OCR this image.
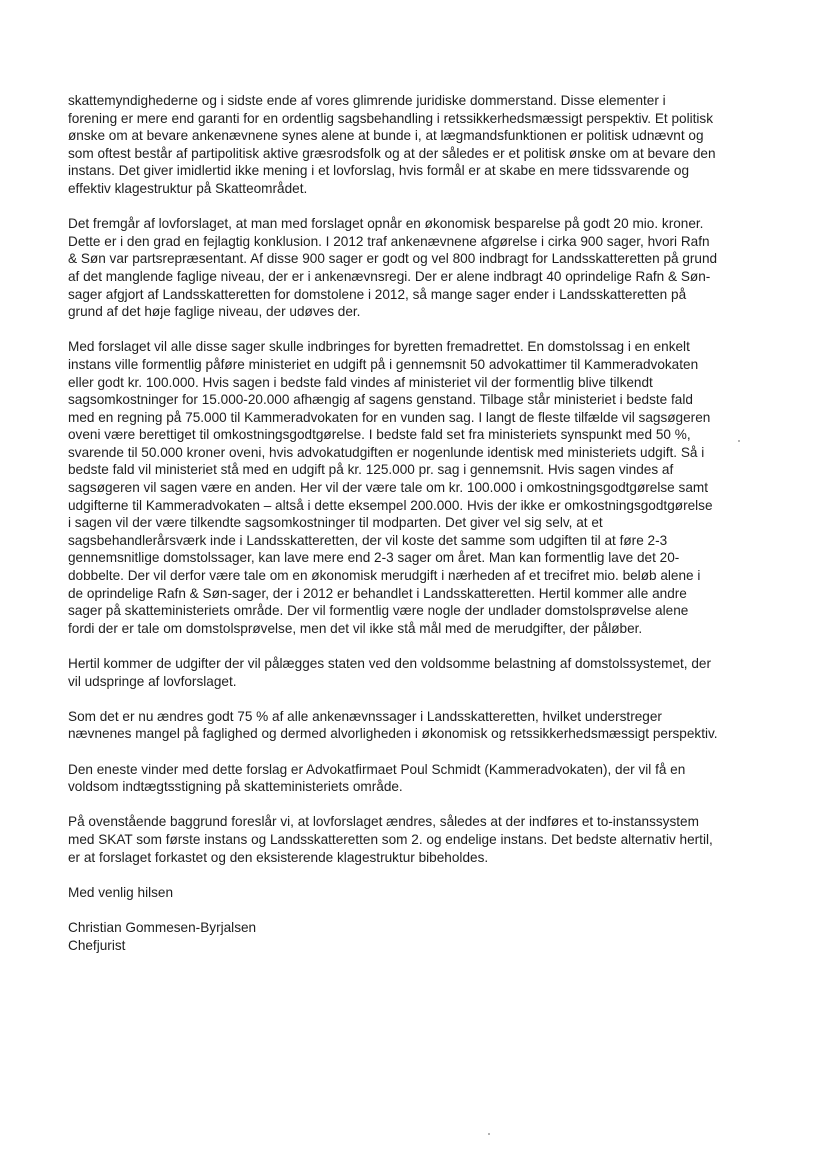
skattemyndighederne og i sidste ende af vores glimrende juridiske dommerstand. Disse elementer i
forening er mere end garanti for en ordentlig sagsbehandling i retssikkerhedsmæssigt perspektiv. Et politisk
ønske om at bevare ankenævnene synes alene at bunde i, at lægmandsfunktionen er politisk udnævnt og
som oftest består af partipolitisk aktive græsrodsfolk og at der således er et politisk ønske om at bevare den
instans. Det giver imidlertid ikke mening i et lovforslag, hvis formål er at skabe en mere tidssvarende og
effektiv klagestruktur på Skatteområdet.

Det fremgår af lovforslaget, at man med forslaget opnår en økonomisk besparelse på godt 20 mio. kroner.
Dette er i den grad en fejlagtig konklusion. I 2012 traf ankenævnene afgørelse i cirka 900 sager, hvori Rafn
& Søn var partsrepræsentant. Af disse 900 sager er godt og vel 800 indbragt for Landsskatteretten på grund
af det manglende faglige niveau, der er i ankenævnsregi. Der er alene indbragt 40 oprindelige Rafn & Søn-
sager afgjort af Landsskatteretten for domstolene i 2012, så mange sager ender i Landsskatteretten på
grund af det høje faglige niveau, der udøves der.

Med forslaget vil alle disse sager skulle indbringes for byretten fremadrettet. En domstolssag i en enkelt
instans ville formentlig påføre ministeriet en udgift på i gennemsnit 50 advokattimer til Kammeradvokaten
eller godt kr. 100.000. Hvis sagen i bedste fald vindes af ministeriet vil der formentlig blive tilkendt
sagsomkostninger for 15.000-20.000 afhængig af sagens genstand. Tilbage står ministeriet i bedste fald
med en regning på 75.000 til Kammeradvokaten for en vunden sag. I langt de fleste tilfælde vil sagsøgeren
oveni være berettiget til omkostningsgodtgørelse. I bedste fald set fra ministeriets synspunkt med 50 %,
svarende til 50.000 kroner oveni, hvis advokatudgiften er nogenlunde identisk med ministeriets udgift. Så i
bedste fald vil ministeriet stå med en udgift på kr. 125.000 pr. sag i gennemsnit. Hvis sagen vindes af
sagsøgeren vil sagen være en anden. Her vil der være tale om kr. 100.000 i omkostningsgodtgørelse samt
udgifterne til Kammeradvokaten – altså i dette eksempel 200.000. Hvis der ikke er omkostningsgodtgørelse
i sagen vil der være tilkendte sagsomkostninger til modparten. Det giver vel sig selv, at et
sagsbehandlerårsværk inde i Landsskatteretten, der vil koste det samme som udgiften til at føre 2-3
gennemsnitlige domstolssager, kan lave mere end 2-3 sager om året. Man kan formentlig lave det 20-
dobbelte. Der vil derfor være tale om en økonomisk merudgift i nærheden af et trecifret mio. beløb alene i
de oprindelige Rafn & Søn-sager, der i 2012 er behandlet i Landsskatteretten. Hertil kommer alle andre
sager på skatteministeriets område. Der vil formentlig være nogle der undlader domstolsprøvelse alene
fordi der er tale om domstolsprøvelse, men det vil ikke stå mål med de merudgifter, der påløber.

Hertil kommer de udgifter der vil pålægges staten ved den voldsomme belastning af domstolssystemet, der
vil udspringe af lovforslaget.

Som det er nu ændres godt 75 % af alle ankenævnssager i Landsskatteretten, hvilket understreger
nævnenes mangel på faglighed og dermed alvorligheden i økonomisk og retssikkerhedsmæssigt perspektiv.

Den eneste vinder med dette forslag er Advokatfirmaet Poul Schmidt (Kammeradvokaten), der vil få en
voldsom indtægtsstigning på skatteministeriets område.

På ovenstående baggrund foreslår vi, at lovforslaget ændres, således at der indføres et to-instanssystem
med SKAT som første instans og Landsskatteretten som 2. og endelige instans. Det bedste alternativ hertil,
er at forslaget forkastet og den eksisterende klagestruktur bibeholdes.

Med venlig hilsen

Christian Gommesen-Byrjalsen
Chefjurist
